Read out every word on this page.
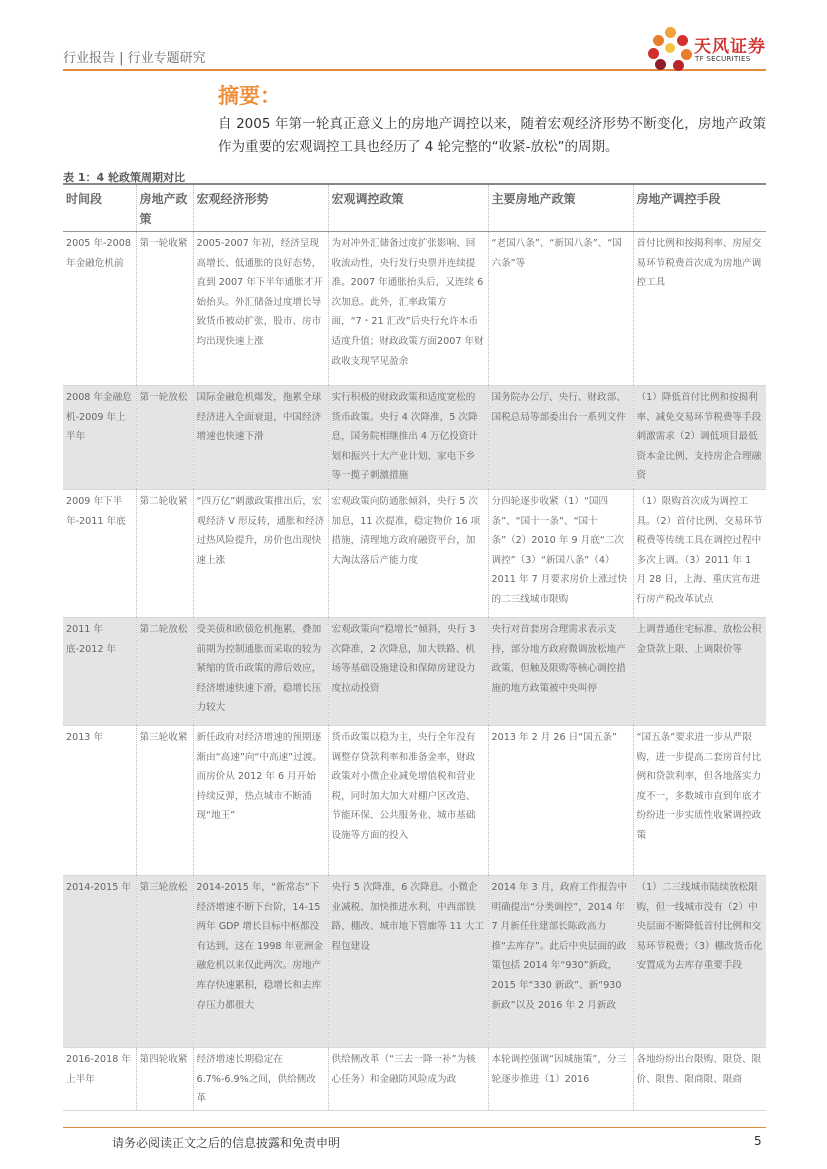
行业报告 | 行业专题研究
天风证券
TF SECURITIES
摘要：
自 2005 年第一轮真正意义上的房地产调控以来，随着宏观经济形势不断变化，房地产政策作为重要的宏观调控工具也经历了 4 轮完整的“收紧-放松”的周期。
表 1：4 轮政策周期对比
时间段	房地产政策	宏观经济形势	宏观调控政策	主要房地产政策	房地产调控手段
2005 年-2008 年金融危机前	第一轮收紧	2005-2007 年初，经济呈现高增长、低通胀的良好态势，直到 2007 年下半年通胀才开始抬头。外汇储备过度增长导致货币被动扩张，股市、房市均出现快速上涨	为对冲外汇储备过度扩张影响、回收流动性，央行发行央票并连续提准。2007 年通胀抬头后，又连续 6 次加息。此外，汇率政策方面，“7・21 汇改”后央行允许本币适度升值；财政政策方面2007 年财政收支现罕见盈余	“老国八条”、“新国八条”、“国六条”等	首付比例和按揭利率、房屋交易环节税费首次成为房地产调控工具
2008 年金融危机-2009 年上半年	第一轮放松	国际金融危机爆发，拖累全球经济进入全面衰退，中国经济增速也快速下滑	实行积极的财政政策和适度宽松的货币政策。央行 4 次降准，5 次降息，国务院相继推出 4 万亿投资计划和振兴十大产业计划、家电下乡等一揽子刺激措施	国务院办公厅、央行、财政部、国税总局等部委出台一系列文件	（1）降低首付比例和按揭利率、减免交易环节税费等手段刺激需求（2）调低项目最低资本金比例、支持房企合理融资
2009 年下半年-2011 年底	第二轮收紧	“四万亿”刺激政策推出后，宏观经济 V 形反转，通胀和经济过热风险提升，房价也出现快速上涨	宏观政策向防通胀倾斜，央行 5 次加息，11 次提准，稳定物价 16 项措施，清理地方政府融资平台，加大淘汰落后产能力度	分四轮逐步收紧（1）“国四条”、“国十一条”、“国十条”（2）2010 年 9 月底“二次调控”（3）“新国八条”（4）2011 年 7 月要求房价上涨过快的二三线城市限购	（1）限购首次成为调控工具。（2）首付比例、交易环节税费等传统工具在调控过程中多次上调。（3）2011 年 1 月 28 日，上海、重庆宣布进行房产税改革试点
2011 年底-2012 年	第二轮放松	受美债和欧债危机拖累，叠加前期为控制通胀而采取的较为紧缩的货币政策的滞后效应，经济增速快速下滑，稳增长压力较大	宏观政策向“稳增长”倾斜，央行 3 次降准，2 次降息，加大铁路、机场等基础设施建设和保障房建设力度拉动投资	央行对首套房合理需求表示支持，部分地方政府微调放松地产政策，但触及限购等核心调控措施的地方政策被中央叫停	上调普通住宅标准、放松公积金贷款上限、上调限价等
2013 年	第三轮收紧	新任政府对经济增速的预期逐渐由“高速”向“中高速”过渡。而房价从 2012 年 6 月开始持续反弹，热点城市不断涌现“地王”	货币政策以稳为主，央行全年没有调整存贷款利率和准备金率，财政政策对小微企业减免增值税和营业税，同时加大加大对棚户区改造、节能环保、公共服务业、城市基础设施等方面的投入	2013 年 2 月 26 日“国五条”	“国五条”要求进一步从严限购，进一步提高二套房首付比例和贷款利率，但各地落实力度不一，多数城市直到年底才纷纷进一步实质性收紧调控政策
2014-2015 年	第三轮放松	2014-2015 年，“新常态”下经济增速不断下台阶，14-15 两年 GDP 增长目标中枢都没有达到，这在 1998 年亚洲金融危机以来仅此两次。房地产库存快速累积，稳增长和去库存压力都很大	央行 5 次降准，6 次降息。小微企业减税、加快推进水利、中西部铁路、棚改、城市地下管廊等 11 大工程包建设	2014 年 3 月，政府工作报告中明确提出“分类调控”，2014 年 7 月新任住建部长陈政高力推“去库存”。此后中央层面的政策包括 2014 年“930”新政，2015 年“330 新政”、新“930 新政”以及 2016 年 2 月新政	（1）二三线城市陆续放松限购，但一线城市没有（2）中央层面不断降低首付比例和交易环节税费；（3）棚改货币化安置成为去库存重要手段
2016-2018 年上半年	第四轮收紧	经济增速长期稳定在 6.7%-6.9%之间，供给侧改革	供给侧改革（“三去一降一补”为核心任务）和金融防风险成为政	本轮调控强调“因城施策”，分三轮逐步推进（1）2016	各地纷纷出台限购、限贷、限价、限售、限商限、限商
请务必阅读正文之后的信息披露和免责申明	5
